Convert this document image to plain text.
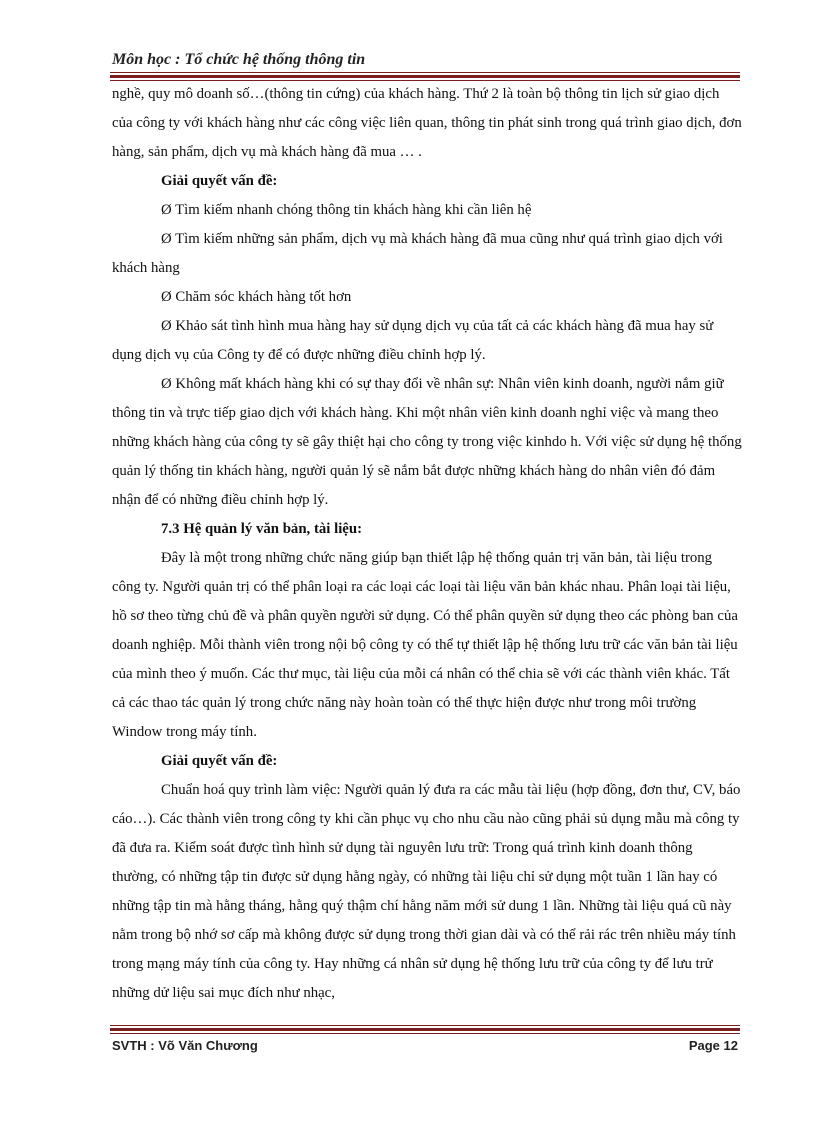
Môn học : Tổ chức hệ thống thông tin

nghề, quy mô doanh số…(thông tin cứng) của khách hàng. Thứ 2 là toàn bộ thông tin lịch sử giao dịch của công ty với khách hàng như các công việc liên quan, thông tin phát sinh trong quá trình giao dịch, đơn hàng, sản phẩm, dịch vụ mà khách hàng đã mua … .

Giải quyết vấn đề:

Ø Tìm kiếm nhanh chóng thông tin khách hàng khi cần liên hệ

Ø Tìm kiếm những sản phẩm, dịch vụ mà khách hàng đã mua cũng như quá trình giao dịch với khách hàng

Ø Chăm sóc khách hàng tốt hơn

Ø Khảo sát tình hình mua hàng hay sử dụng dịch vụ của tất cả các khách hàng đã mua hay sử dụng dịch vụ của Công ty để có được những điều chỉnh hợp lý.

Ø Không mất khách hàng khi có sự thay đổi về nhân sự: Nhân viên kinh doanh, người nắm giữ thông tin và trực tiếp giao dịch với khách hàng. Khi một nhân viên kinh doanh nghỉ việc và mang theo những khách hàng của công ty sẽ gây thiệt hại cho công ty trong việc kinhdo h. Với việc sử dụng hệ thống quản lý thống tin khách hàng, người quản lý sẽ nắm bắt được những khách hàng do nhân viên đó đảm nhận để có những điều chỉnh hợp lý.

7.3 Hệ quản lý văn bản, tài liệu:

Đây là một trong những chức năng giúp bạn thiết lập hệ thống quản trị văn bản, tài liệu trong công ty. Người quản trị có thể phân loại ra các loại các loại tài liệu văn bản khác nhau. Phân loại tài liệu, hồ sơ theo từng chủ đề và phân quyền người sử dụng. Có thể phân quyền sử dụng theo các phòng ban của doanh nghiệp. Mỗi thành viên trong nội bộ công ty có thể tự thiết lập hệ thống lưu trữ các văn bản tài liệu của mình theo ý muốn. Các thư mục, tài liệu của mỗi cá nhân có thể chia sẽ với các thành viên khác. Tất cả các thao tác quản lý trong chức năng này hoàn toàn có thể thực hiện được như trong môi trường Window trong máy tính.

Giải quyết vấn đề:

Chuẩn hoá quy trình làm việc: Người quản lý đưa ra các mẫu tài liệu (hợp đồng, đơn thư, CV, báo cáo…). Các thành viên trong công ty khi cần phục vụ cho nhu cầu nào cũng phải sủ dụng mẫu mà công ty đã đưa ra. Kiểm soát được tình hình sử dụng tài nguyên lưu trữ: Trong quá trình kinh doanh thông thường, có những tập tin được sử dụng hằng ngày, có những tài liệu chỉ sử dụng một tuần 1 lần hay có những tập tin mà hằng tháng, hằng quý thậm chí hằng năm mới sử dung 1 lần. Những tài liệu quá cũ này nằm trong bộ nhớ sơ cấp mà không được sử dụng trong thời gian dài và có thể rải rác trên nhiều máy tính trong mạng máy tính của công ty. Hay những cá nhân sử dụng hệ thống lưu trữ của công ty để lưu trử những dử liệu sai mục đích như nhạc,

SVTH : Võ Văn Chương	Page 12
